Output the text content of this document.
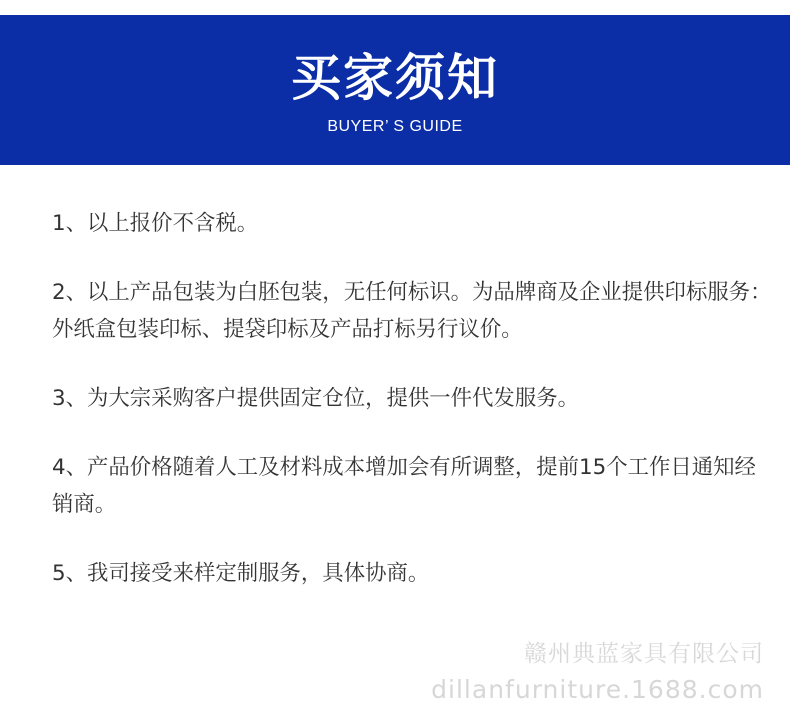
买家须知
BUYER’ S GUIDE

1、以上报价不含税。

2、以上产品包装为白胚包装，无任何标识。为品牌商及企业提供印标服务：外纸盒包装印标、提袋印标及产品打标另行议价。

3、为大宗采购客户提供固定仓位，提供一件代发服务。

4、产品价格随着人工及材料成本增加会有所调整，提前15个工作日通知经销商。

5、我司接受来样定制服务，具体协商。

赣州典蓝家具有限公司
dillanfurniture.1688.com
